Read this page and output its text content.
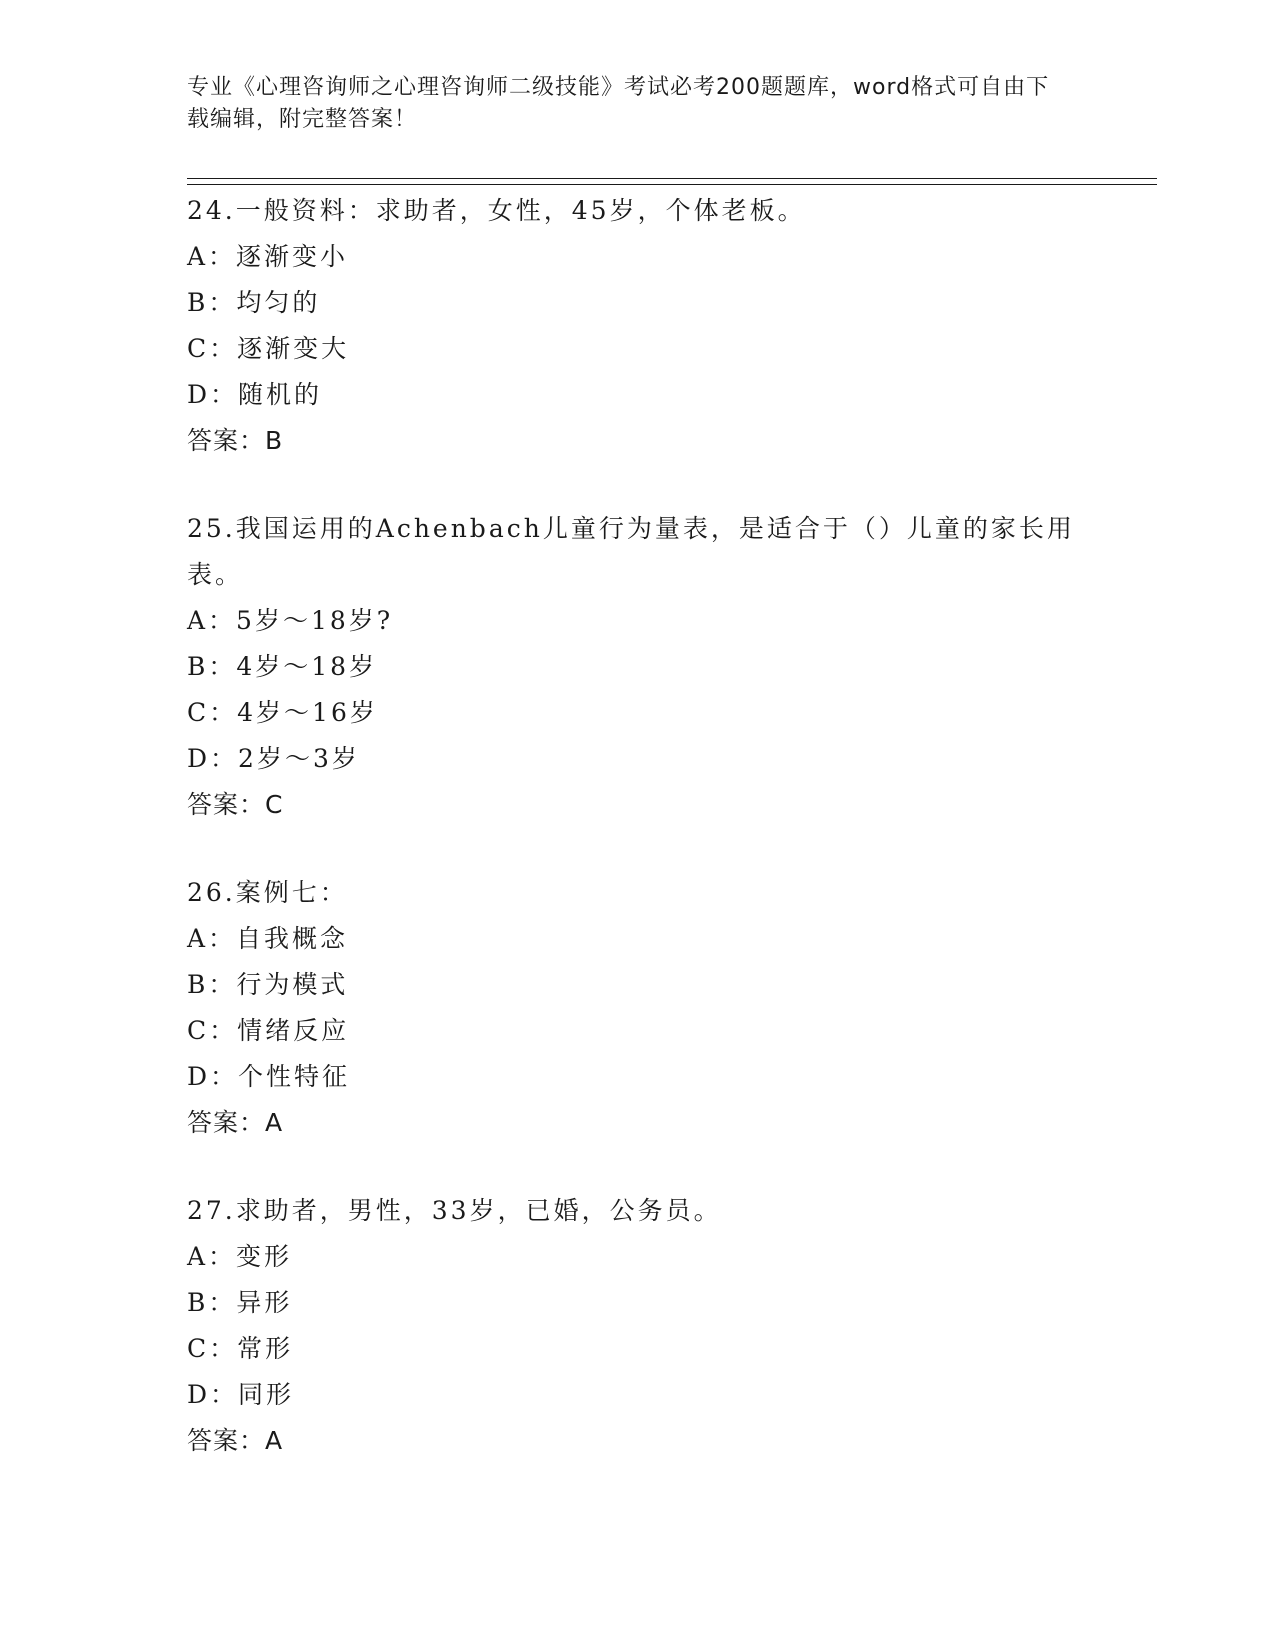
专业《心理咨询师之心理咨询师二级技能》考试必考200题题库，word格式可自由下载编辑，附完整答案！
24.一般资料：求助者，女性，45岁，个体老板。
A：逐渐变小
B：均匀的
C：逐渐变大
D：随机的
答案：B
25.我国运用的Achenbach儿童行为量表，是适合于（）儿童的家长用表。
A：5岁～18岁?
B：4岁～18岁
C：4岁～16岁
D：2岁～3岁
答案：C
26.案例七：
A：自我概念
B：行为模式
C：情绪反应
D：个性特征
答案：A
27.求助者，男性，33岁，已婚，公务员。
A：变形
B：异形
C：常形
D：同形
答案：A
